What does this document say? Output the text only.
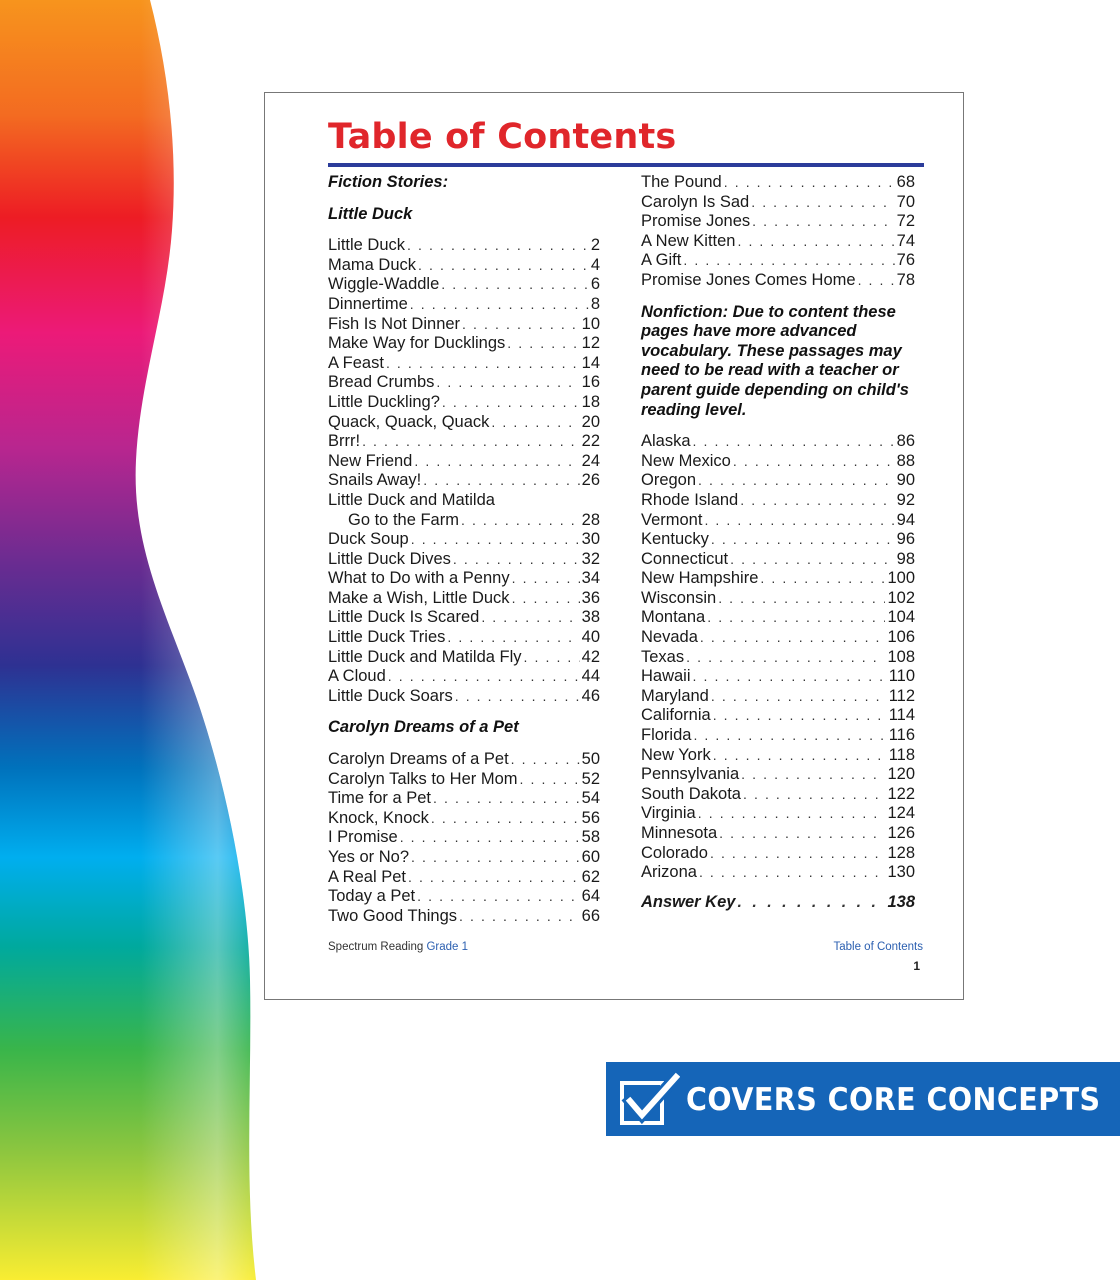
Table of Contents
Fiction Stories:
Little Duck
Little Duck . . .	2
Mama Duck . . .	4
Wiggle-Waddle . . .	6
Dinnertime . . .	8
Fish Is Not Dinner . . .	10
Make Way for Ducklings . . .	12
A Feast . . .	14
Bread Crumbs . . .	16
Little Duckling? . . .	18
Quack, Quack, Quack . . .	20
Brrr! . . .	22
New Friend . . .	24
Snails Away! . . .	26
Little Duck and Matilda
Go to the Farm . . .	28
Duck Soup . . .	30
Little Duck Dives . . .	32
What to Do with a Penny . . .	34
Make a Wish, Little Duck . . .	36
Little Duck Is Scared . . .	38
Little Duck Tries . . .	40
Little Duck and Matilda Fly . . .	42
A Cloud . . .	44
Little Duck Soars . . .	46
Carolyn Dreams of a Pet
Carolyn Dreams of a Pet . . .	50
Carolyn Talks to Her Mom . . .	52
Time for a Pet . . .	54
Knock, Knock . . .	56
I Promise . . .	58
Yes or No? . . .	60
A Real Pet . . .	62
Today a Pet . . .	64
Two Good Things . . .	66
The Pound . . .	68
Carolyn Is Sad . . .	70
Promise Jones . . .	72
A New Kitten . . .	74
A Gift . . .	76
Promise Jones Comes Home . . . 78
Nonfiction: Due to content these pages have more advanced vocabulary. These passages may need to be read with a teacher or parent guide depending on child's reading level.
Alaska . . .	86
New Mexico . . .	88
Oregon . . .	90
Rhode Island . . .	92
Vermont . . .	94
Kentucky . . .	96
Connecticut . . .	98
New Hampshire . . .	100
Wisconsin . . .	102
Montana . . .	104
Nevada . . .	106
Texas . . .	108
Hawaii . . .	110
Maryland . . .	112
California . . .	114
Florida . . .	116
New York . . .	118
Pennsylvania . . .	120
South Dakota . . .	122
Virginia . . .	124
Minnesota . . .	126
Colorado . . .	128
Arizona . . .	130
Answer Key . . .	138
Spectrum Reading Grade 1	Table of Contents
1
COVERS CORE CONCEPTS
